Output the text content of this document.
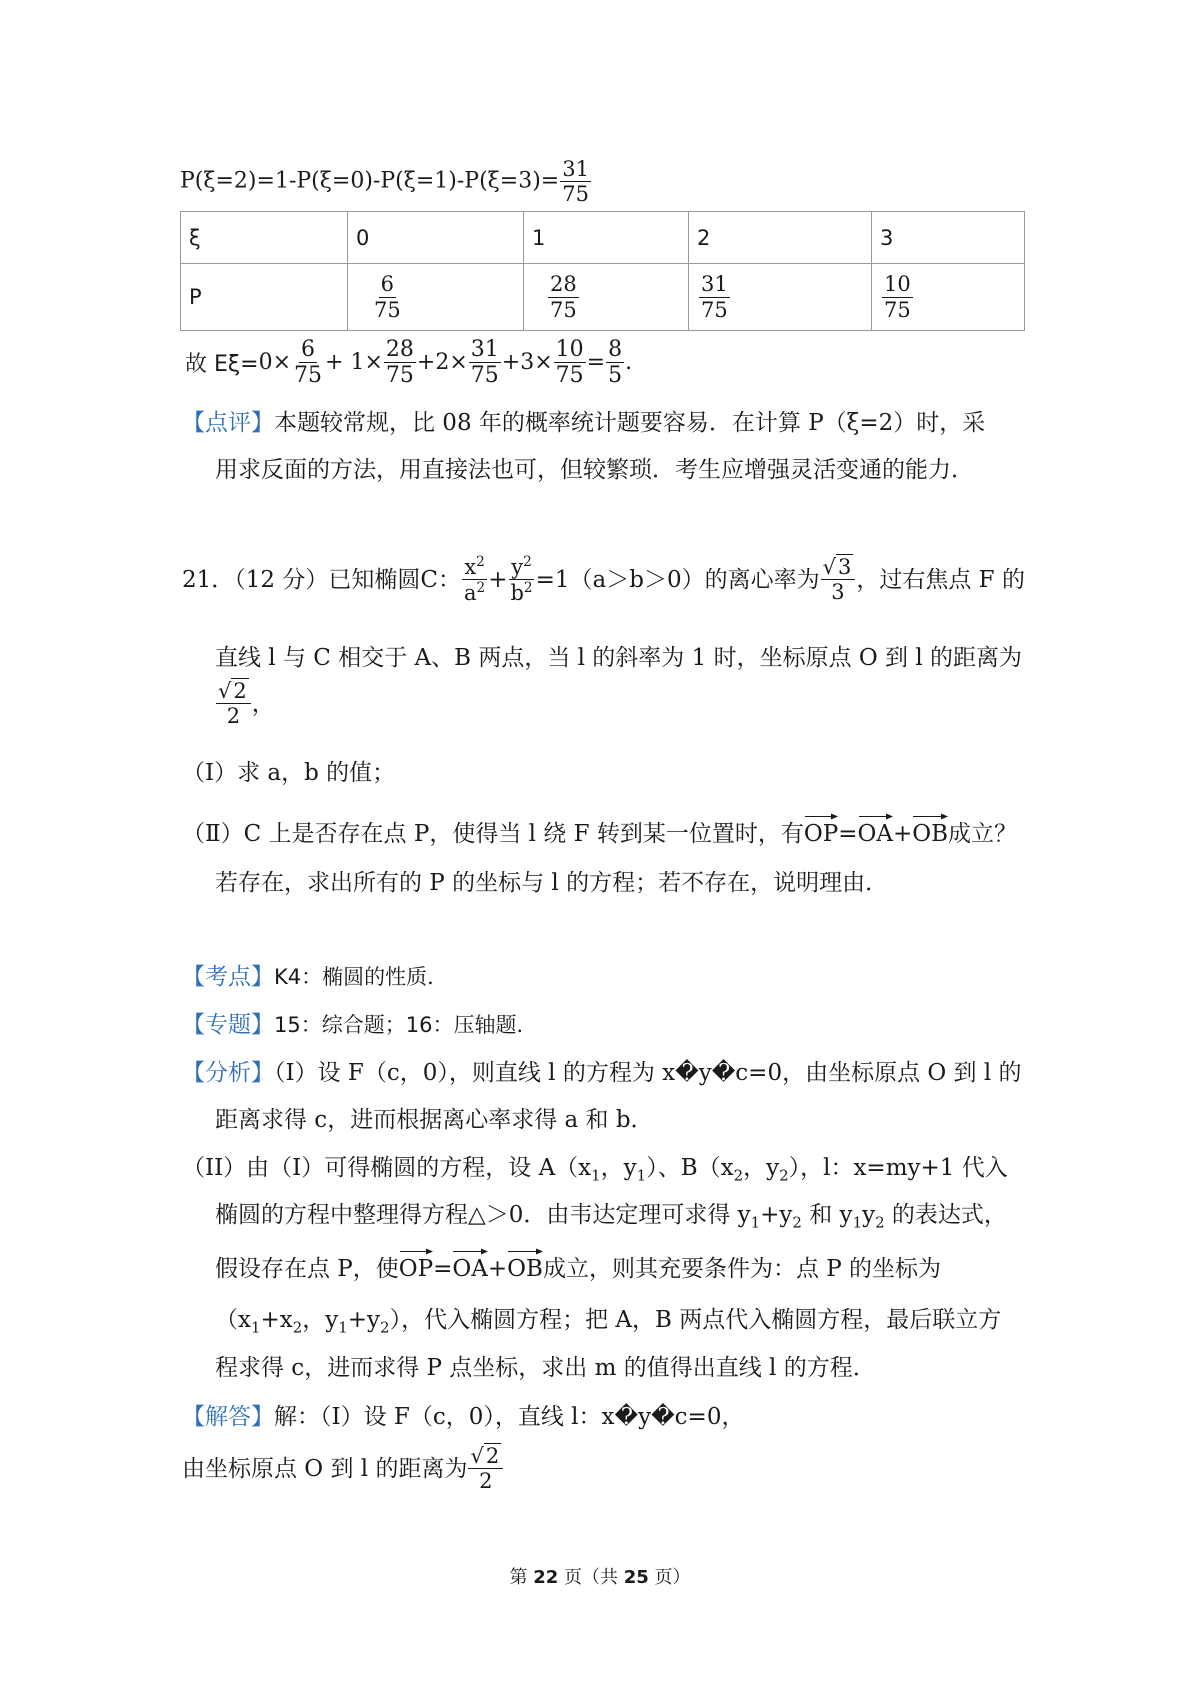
$P(\xi=2)=1-P(\xi=0)-P(\xi=1)-P(\xi=3)= \frac{31}{75}$
ξ	0	1	2	3
P	$\frac{6}{75}$	$\frac{28}{75}$	$\frac{31}{75}$	$\frac{10}{75}$
故 $E\xi= 0\times \frac{6}{75} + 1\times \frac{28}{75} +2\times \frac{31}{75} +3\times \frac{10}{75} = \frac{8}{5}$ .
【点评】本题较常规，比 08 年的概率统计题要容易．在计算 P（ξ=2）时，采
用求反面的方法，用直接法也可，但较繁琐．考生应增强灵活变通的能力．
21．（12 分）已知椭圆 C： $\frac{x^2}{a^2} + \frac{y^2}{b^2} =1(a>b>0)$ 的离心率为 $\frac{√3}{3}$ ，过右焦点 F 的
直线 l 与 C 相交于 A、B 两点，当 l 的斜率为 1 时，坐标原点 O 到 l 的距离为
$\frac{√2}{2}$ ，
（Ⅰ）求 a，b 的值；
（Ⅱ）C 上是否存在点 P，使得当 l 绕 F 转到某一位置时，有 OP = OA + OB 成立？
若存在，求出所有的 P 的坐标与 l 的方程；若不存在，说明理由．
【考点】K4：椭圆的性质．
【专题】15：综合题；16：压轴题．
【分析】（I）设 F（c，0），则直线 l 的方程为 x�y�c=0，由坐标原点 O 到 l 的
距离求得 c，进而根据离心率求得 a 和 b．
（II）由（I）可得椭圆的方程，设 $A(x_1$，$y_1$）、$B(x_2$，$y_2$），l：x=my+1 代入
椭圆的方程中整理得方程△＞0．由韦达定理可求得 $y_1+y_2$ 和 $y_1y_2$ 的表达式，
假设存在点 P，使 OP = OA + OB 成立，则其充要条件为：点 P 的坐标为
（$x_1+x_2$，$y_1+y_2$），代入椭圆方程；把 A，B 两点代入椭圆方程，最后联立方
程求得 c，进而求得 P 点坐标，求出 m 的值得出直线 l 的方程．
【解答】解：（I）设 F（c，0），直线 l：x�y�c=0，
由坐标原点 O 到 l 的距离为 $\frac{√2}{2}$
第 22 页（共 25 页）
